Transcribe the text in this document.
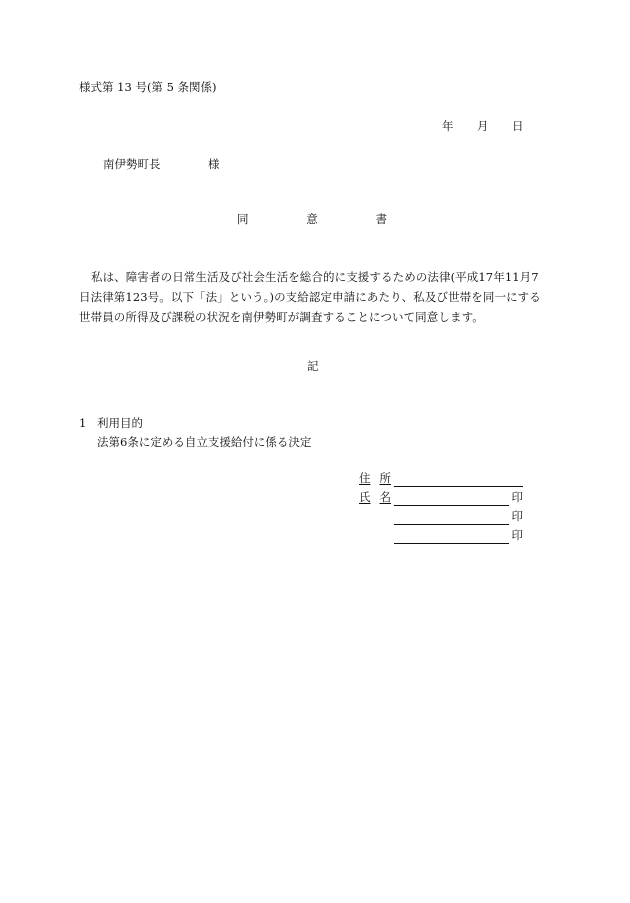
様式第 13 号(第 5 条関係)
年 月 日
南伊勢町長	様
同	意	書
私は、障害者の日常生活及び社会生活を総合的に支援するための法律(平成17年11月7日法律第123号。以下「法」という。)の支給認定申請にあたり、私及び世帯を同一にする世帯員の所得及び課税の状況を南伊勢町が調査することについて同意します。
記
1 利用目的
法第6条に定める自立支援給付に係る決定
住 所
氏 名	印
印
印
